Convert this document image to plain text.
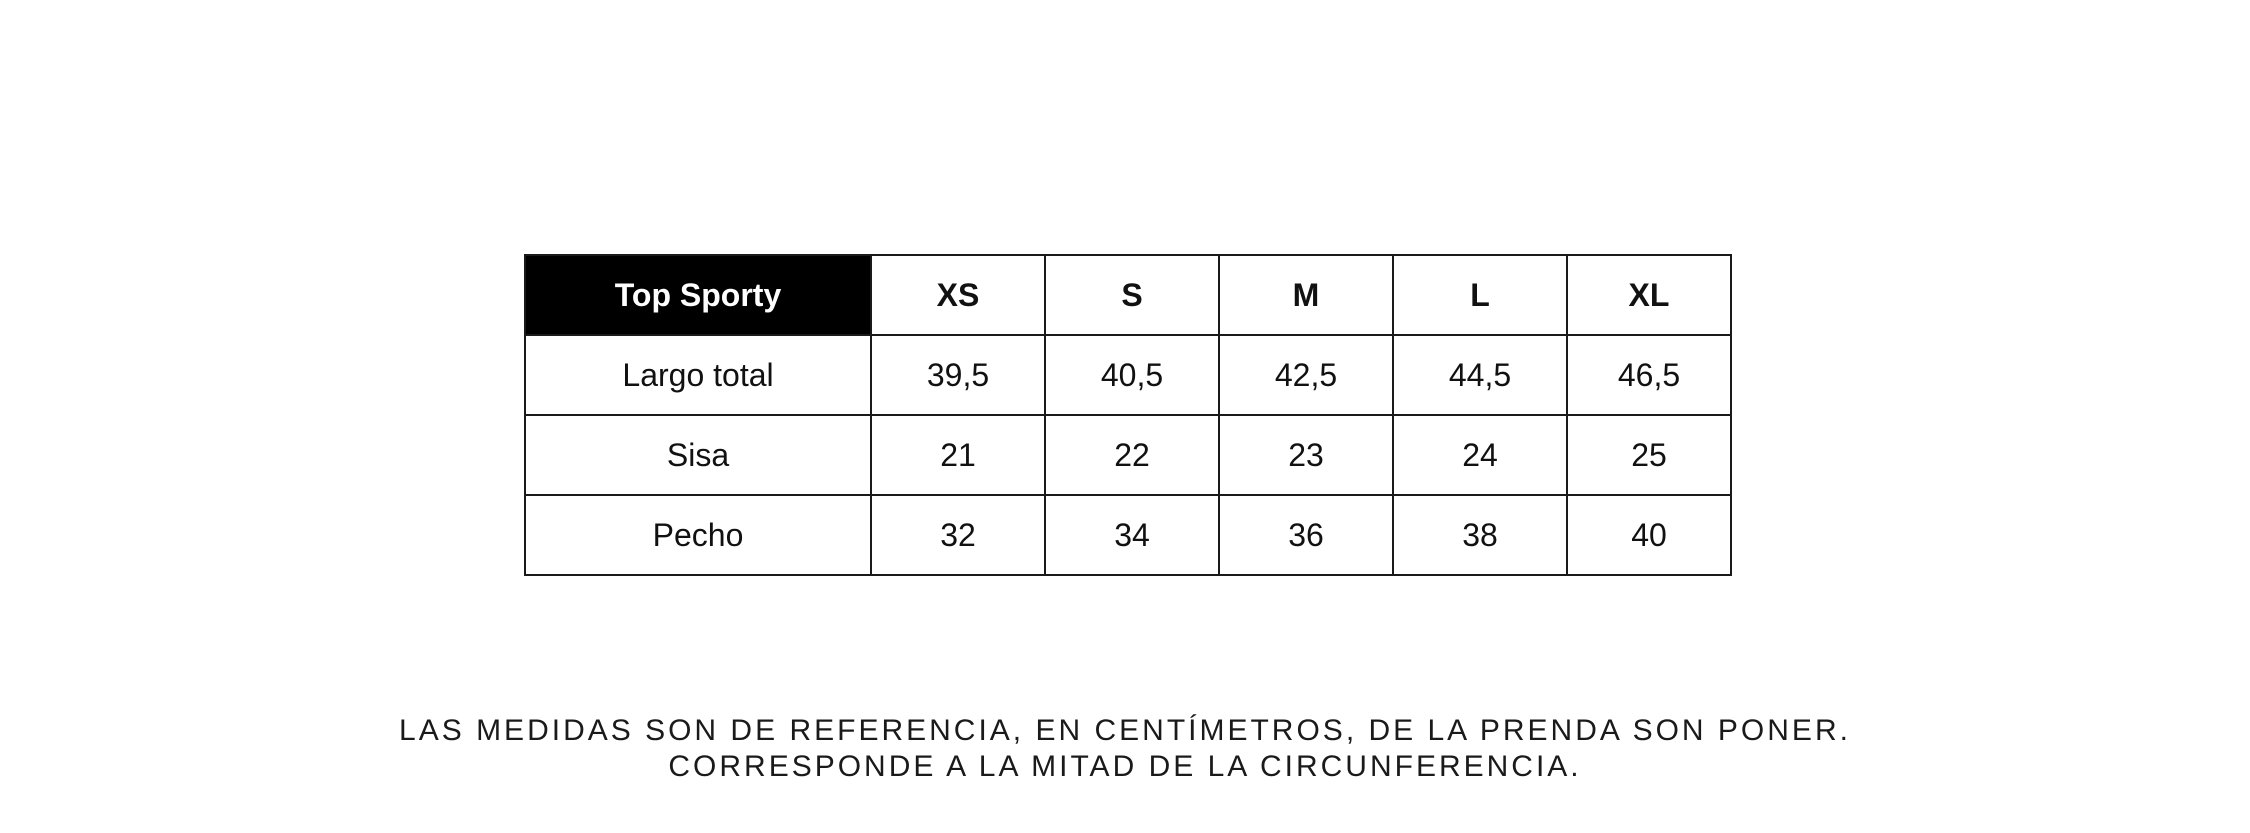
Top Sporty	XS	S	M	L	XL
Largo total	39,5	40,5	42,5	44,5	46,5
Sisa	21	22	23	24	25
Pecho	32	34	36	38	40
LAS MEDIDAS SON DE REFERENCIA, EN CENTÍMETROS, DE LA PRENDA SON PONER.
CORRESPONDE A LA MITAD DE LA CIRCUNFERENCIA.
